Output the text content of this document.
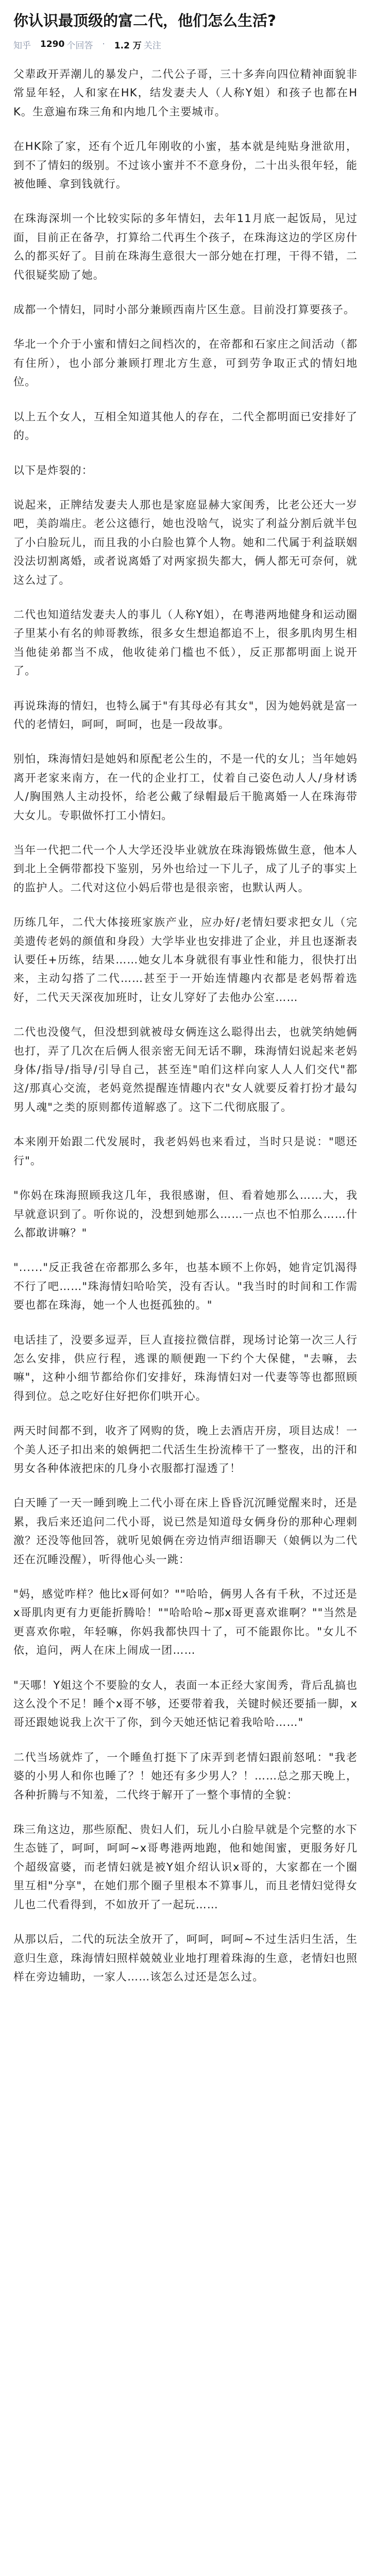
你认识最顶级的富二代，他们怎么生活?
知乎 1290 个回答 · 1.2 万 关注

父辈政开弄潮儿的暴发户，二代公子哥，三十多奔向四位精神面貌非常显年轻，人和家在HK，结发妻夫人（人称Y姐）和孩子也都在HK。生意遍布珠三角和内地几个主要城市。

在HK除了家，还有个近几年刚收的小蜜，基本就是纯贴身泄欲用，到不了情妇的级别。不过该小蜜并不不意身份，二十出头很年轻，能被他睡、拿到钱就行。

在珠海深圳一个比较实际的多年情妇，去年11月底一起饭局，见过面，目前正在备孕，打算给二代再生个孩子，在珠海这边的学区房什么的都买好了。目前在珠海生意很大一部分她在打理，干得不错，二代很疑奖励了她。

成都一个情妇，同时小部分兼顾西南片区生意。目前没打算要孩子。

华北一个介于小蜜和情妇之间档次的，在帝都和石家庄之间活动（都有住所），也小部分兼顾打理北方生意，可到劳争取正式的情妇地位。

以上五个女人，互相全知道其他人的存在，二代全都明面已安排好了的。

以下是炸裂的：

说起来，正牌结发妻夫人那也是家庭显赫大家闺秀，比老公还大一岁吧，美韵端庄。老公这德行，她也没啥气，说实了利益分割后就半包了小白脸玩儿，而且我的小白脸也算个人物。她和二代属于利益联姻没法切割离婚，或者说离婚了对两家损失都大，俩人都无可奈何，就这么过了。

二代也知道结发妻夫人的事儿（人称Y姐），在粤港两地健身和运动圈子里某小有名的帅哥教练，很多女生想追都追不上，很多肌肉男生相当他徒弟都当不成，他收徒弟门槛也不低），反正那都明面上说开了。

再说珠海的情妇，也特么属于"有其母必有其女"，因为她妈就是富一代的老情妇，呵呵，呵呵，也是一段故事。

别怕，珠海情妇是她妈和原配老公生的，不是一代的女儿；当年她妈离开老家来南方，在一代的企业打工，仗着自己姿色动人人/身材诱人/胸围熟人主动投怀，给老公戴了绿帽最后干脆离婚一人在珠海带大女儿。专职做怀打工小情妇。

当年一代把二代一个人大学还没毕业就放在珠海锻炼做生意，他本人到北上全俩带都投下鉴别，另外也给过一下儿子，成了儿子的事实上的监护人。二代对这位小妈后带也是很亲密，也默认两人。

历练几年，二代大体接班家族产业，应办好/老情妇要求把女儿（完美遗传老妈的颜值和身段）大学毕业也安排进了企业，并且也逐渐表认要任+历练，结果……她女儿本身就很有事业性和能力，很快打出来，主动勾搭了二代……甚至于一开始连情趣内衣都是老妈帮着选好，二代天天深夜加班时，让女儿穿好了去他办公室……

二代也没傻气，但没想到就被母女俩连这么聪得出去，也就笑纳她俩也打，弄了几次在后俩人很亲密无间无话不聊，珠海情妇说起来老妈身体/指导/指导/引导自己，甚至连"咱们这样向家人人人们交代"都这/那真心交流，老妈竟然提醒连情趣内衣"女人就要反着打扮才最勾男人魂"之类的原则都传道解惑了。这下二代彻底服了。

本来刚开始跟二代发展时，我老妈妈也来看过，当时只是说："嗯还行"。

"你妈在珠海照顾我这几年，我很感谢，但、看着她那么……大，我早就意识到了。听你说的，没想到她那么……一点也不怕那么……什么都敢讲嘛？"

"......"反正我爸在帝都那么多年，也基本顾不上你妈，她肯定饥渴得不行了吧……"珠海情妇哈哈笑，没有否认。"我当时的时间和工作需要也都在珠海，她一个人也挺孤独的。"

电话挂了，没要多逗弄，巨人直接拉微信群，现场讨论第一次三人行怎么安排，供应行程，逃课的顺便跑一下约个大保健，"去嘛，去嘛"，这种小细节都给你们安排好，珠海情妇对一代妻等等也都照顾得到位。总之吃好住好把你们哄开心。

两天时间都不到，收齐了网购的货，晚上去酒店开房，项目达成！一个美人还子扣出来的娘俩把二代活生生扮流棒干了一整夜，出的汗和男女各种体液把床的几身小衣服都打湿透了！

白天睡了一天一睡到晚上二代小哥在床上昏昏沉沉睡觉醒来时，还是累，我后来还追问二代小哥，说已然是知道母女俩身份的那种心理刺激？还没等他回答，就听见娘俩在旁边悄声细语聊天（娘俩以为二代还在沉睡没醒），听得他心头一跳：

"妈，感觉咋样？他比x哥何如？""哈哈，俩男人各有千秋，不过还是x哥肌肉更有力更能折腾哈！""哈哈哈~那x哥更喜欢谁啊？""当然是更喜欢你啦，年轻嘛，你妈我都快四十了，可不能跟你比。"女儿不依，追问，两人在床上闹成一团……

"天哪！Y姐这个不要脸的女人，表面一本正经大家闺秀，背后乱搞也这么没个不足！睡个x哥不够，还要带着我，关键时候还要插一脚，x哥还跟她说我上次干了你，到今天她还惦记着我哈哈……"

二代当场就炸了，一个睡鱼打挺下了床弄到老情妇跟前怒吼："我老婆的小男人和你也睡了？！她还有多少男人？！……总之那天晚上，各种折腾与不知羞，二代终于解开了一整个事情的全貌：

珠三角这边，那些原配、贵妇人们，玩儿小白脸早就是个完整的水下生态链了，呵呵，呵呵~x哥粤港两地跑，他和她闺蜜，更服务好几个超级富婆，而老情妇就是被Y姐介绍认识x哥的，大家都在一个圈里互相"分享"，在她们那个圈子里根本不算事儿，而且老情妇觉得女儿也二代看得到，不如放开了一起玩……

从那以后，二代的玩法全放开了，呵呵，呵呵~不过生活归生活，生意归生意，珠海情妇照样兢兢业业地打理着珠海的生意，老情妇也照样在旁边辅助，一家人……该怎么过还是怎么过。
